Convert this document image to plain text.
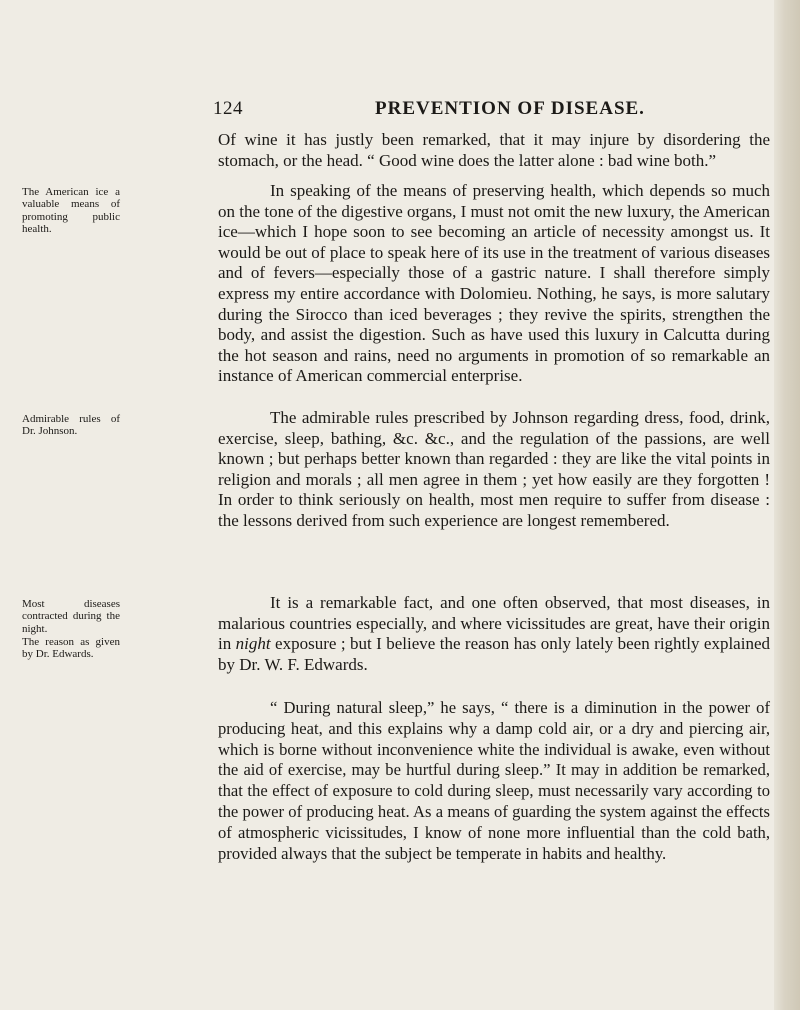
124	PREVENTION OF DISEASE.

Of wine it has justly been remarked, that it may injure by disordering the stomach, or the head. “ Good wine does the latter alone : bad wine both.”

In speaking of the means of preserving health, which depends so much on the tone of the digestive organs, I must not omit the new luxury, the American ice—which I hope soon to see becoming an article of necessity amongst us. It would be out of place to speak here of its use in the treatment of various diseases and of fevers—especially those of a gastric nature. I shall therefore simply express my entire accordance with Dolomieu. Nothing, he says, is more salutary during the Sirocco than iced beverages ; they revive the spirits, strengthen the body, and assist the digestion. Such as have used this luxury in Calcutta during the hot season and rains, need no arguments in promotion of so remarkable an instance of American commercial enterprise.

The admirable rules prescribed by Johnson regarding dress, food, drink, exercise, sleep, bathing, &c. &c., and the regulation of the passions, are well known ; but perhaps better known than regarded : they are like the vital points in religion and morals ; all men agree in them ; yet how easily are they forgotten ! In order to think seriously on health, most men require to suffer from disease : the lessons derived from such experience are longest remembered.

It is a remarkable fact, and one often observed, that most diseases, in malarious countries especially, and where vicissitudes are great, have their origin in night exposure ; but I believe the reason has only lately been rightly explained by Dr. W. F. Edwards.

“ During natural sleep,” he says, “ there is a diminution in the power of producing heat, and this explains why a damp cold air, or a dry and piercing air, which is borne without inconvenience white the individual is awake, even without the aid of exercise, may be hurtful during sleep.” It may in addition be remarked, that the effect of exposure to cold during sleep, must necessarily vary according to the power of producing heat. As a means of guarding the system against the effects of atmospheric vicissitudes, I know of none more influential than the cold bath, provided always that the subject be temperate in habits and healthy.

The American ice a valuable means of promoting public health.

Admirable rules of Dr. Johnson.

Most diseases contracted during the night.

The reason as given by Dr. Edwards.
